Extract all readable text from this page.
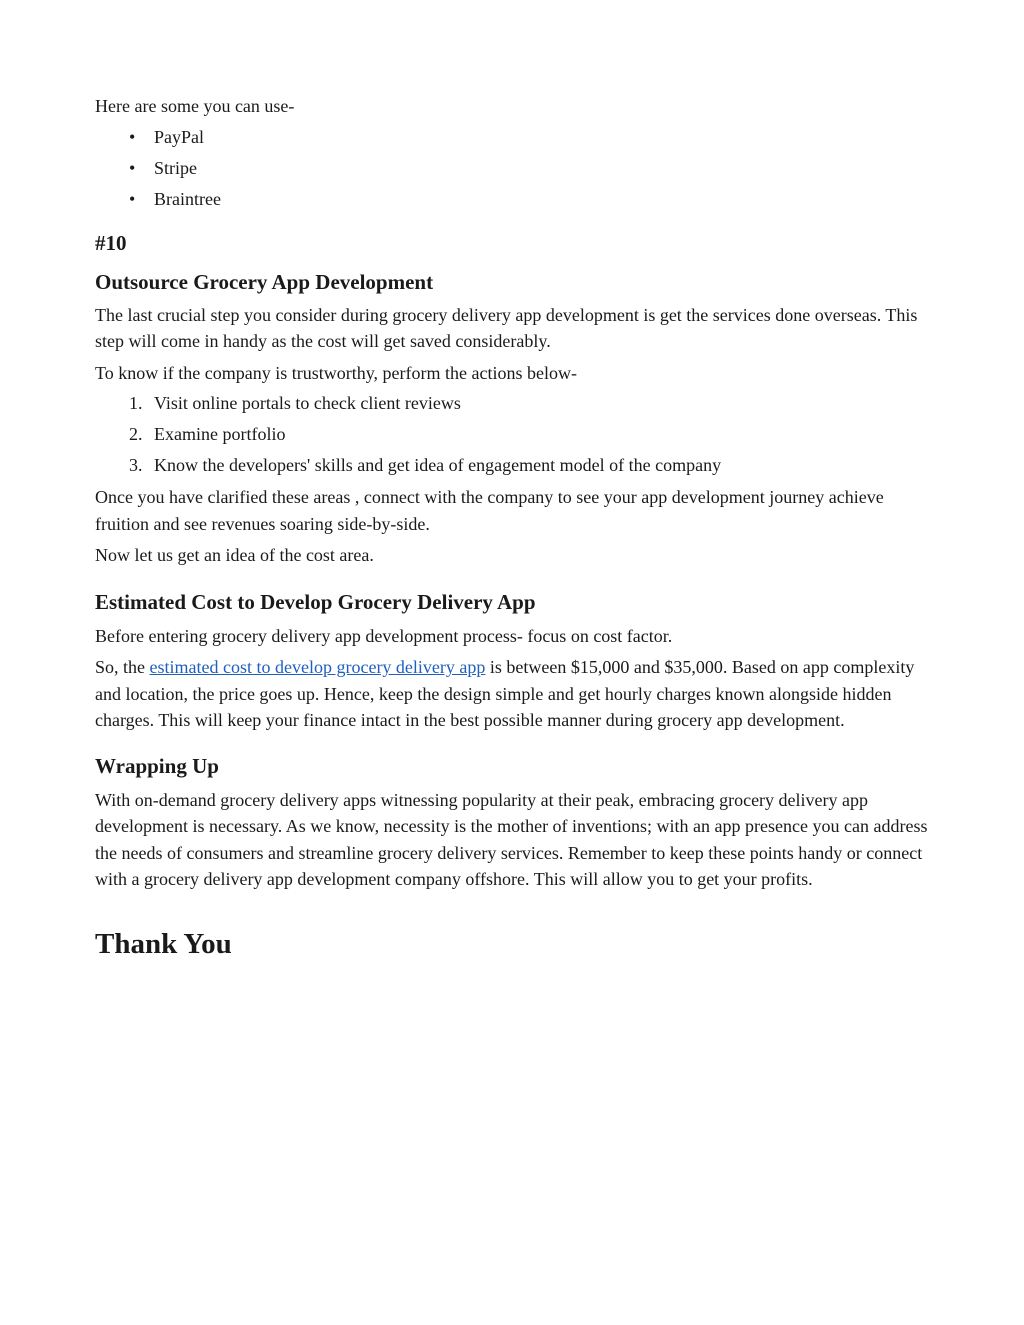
Here are some you can use-

• PayPal
• Stripe
• Braintree
#10
Outsource Grocery App Development

The last crucial step you consider during grocery delivery app development is get the services done overseas. This step will come in handy as the cost will get saved considerably.

To know if the company is trustworthy, perform the actions below-

1. Visit online portals to check client reviews
2. Examine portfolio
3. Know the developers' skills and get idea of engagement model of the company

Once you have clarified these areas , connect with the company to see your app development journey achieve fruition and see revenues soaring side-by-side.

Now let us get an idea of the cost area.

Estimated Cost to Develop Grocery Delivery App

Before entering grocery delivery app development process- focus on cost factor.

So, the estimated cost to develop grocery delivery app is between $15,000 and $35,000. Based on app complexity and location, the price goes up. Hence, keep the design simple and get hourly charges known alongside hidden charges. This will keep your finance intact in the best possible manner during grocery app development.

Wrapping Up

With on-demand grocery delivery apps witnessing popularity at their peak, embracing grocery delivery app development is necessary. As we know, necessity is the mother of inventions; with an app presence you can address the needs of consumers and streamline grocery delivery services. Remember to keep these points handy or connect with a grocery delivery app development company offshore. This will allow you to get your profits.

Thank You
